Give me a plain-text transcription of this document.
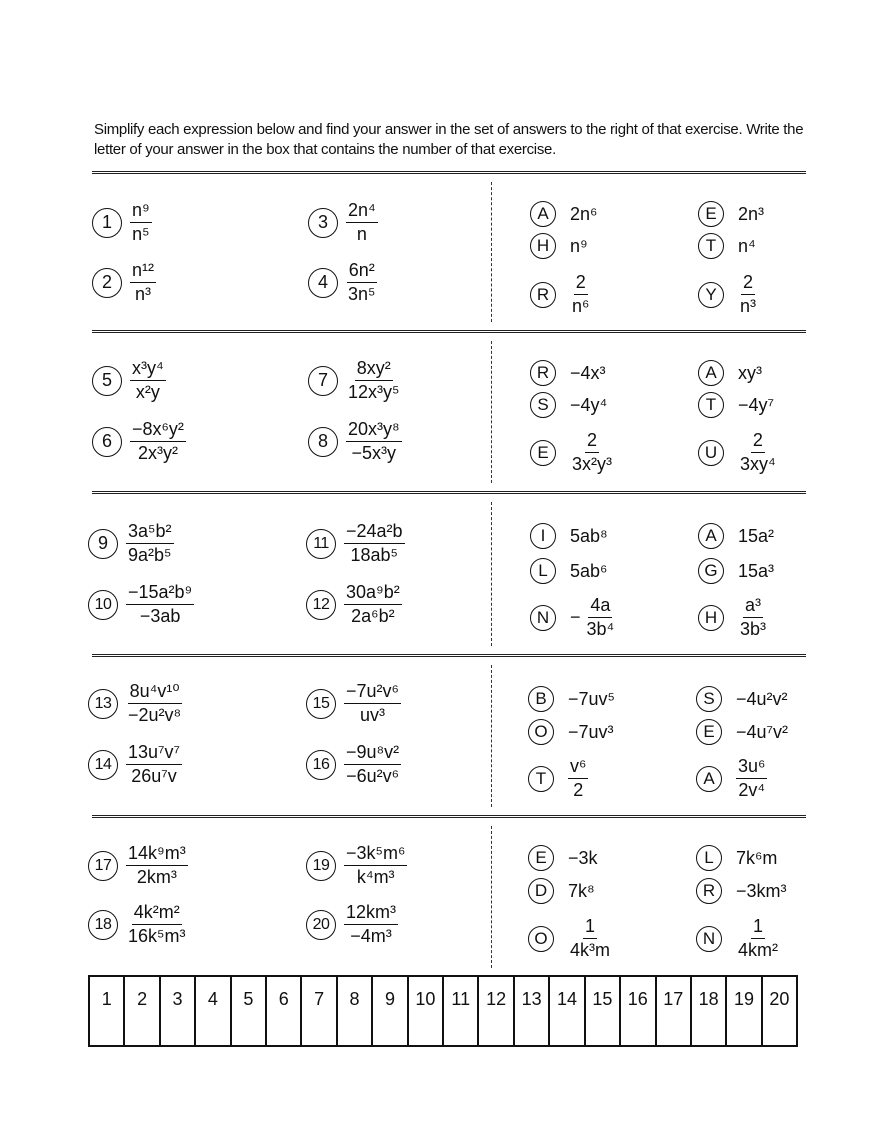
Simplify each expression below and find your answer in the set of answers to the right of that exercise. Write the letter of your answer in the box that contains the number of that exercise.
1	$\frac{\text{n⁹}}{\text{n⁵}}$	3	$\frac{\text{2n⁴}}{n}$
2	$\frac{\text{n¹²}}{\text{n³}}$	4	$\frac{\text{6n²}}{\text{3n⁵}}$
A	2n⁶	E	2n³
H	n⁹	T	n⁴
R	$\frac{2}{\text{n⁶}}$	Y	$\frac{2}{\text{n³}}$
5	$\frac{\text{x³y⁴}}{\text{x²y}}$	7	$\frac{\text{8xy²}}{\text{12x³y⁵}}$
6	$\frac{\text{−8x⁶y²}}{\text{2x³y²}}$	8	$\frac{\text{20x³y⁸}}{\text{−5x³y}}$
R	−4x³	A	xy³
S	−4y⁴	T	−4y⁷
E	$\frac{2}{\text{3x²y³}}$	U	$\frac{2}{\text{3xy⁴}}$
9	$\frac{\text{3a⁵b²}}{\text{9a²b⁵}}$	$11 \frac{\text{−24a²b}}{\text{18ab⁵}}$
$10 \frac{\text{−15a²b⁹}}{-3ab}$	$12 \frac{\text{30a⁹b²}}{\text{2a⁶b²}}$
I	5ab⁸	A	15a²
L	5ab⁶	G	15a³
N	− $\frac{4a}{\text{3b⁴}}$	H	$\frac{\text{a³}}{\text{3b³}}$
$13 \frac{\text{8u⁴v¹⁰}}{\text{−2u²v⁸}}$	$15 \frac{\text{−7u²v⁶}}{\text{uv³}}$
$14 \frac{\text{13u⁷v⁷}}{\text{26u⁷v}}$	$16 \frac{\text{−9u⁸v²}}{\text{−6u²v⁶}}$
B	−7uv⁵	S	−4u²v²
O	−7uv³	E	−4u⁷v²
T	$\frac{\text{v⁶}}{2}$	A	$\frac{\text{3u⁶}}{\text{2v⁴}}$
$17 \frac{\text{14k⁹m³}}{\text{2km³}}$	$19 \frac{\text{−3k⁵m⁶}}{\text{k⁴m³}}$
$18 \frac{\text{4k²m²}}{\text{16k⁵m³}}$	$20 \frac{\text{12km³}}{\text{−4m³}}$
E	−3k	L	7k⁶m
D	7k⁸	R	−3km³
O	$\frac{1}{\text{4k³m}}$	N	$\frac{1}{\text{4km²}}$
1	2	3	4	5	6	7	8	9	10 11 12 13 14 15 16 17 18 19 20
